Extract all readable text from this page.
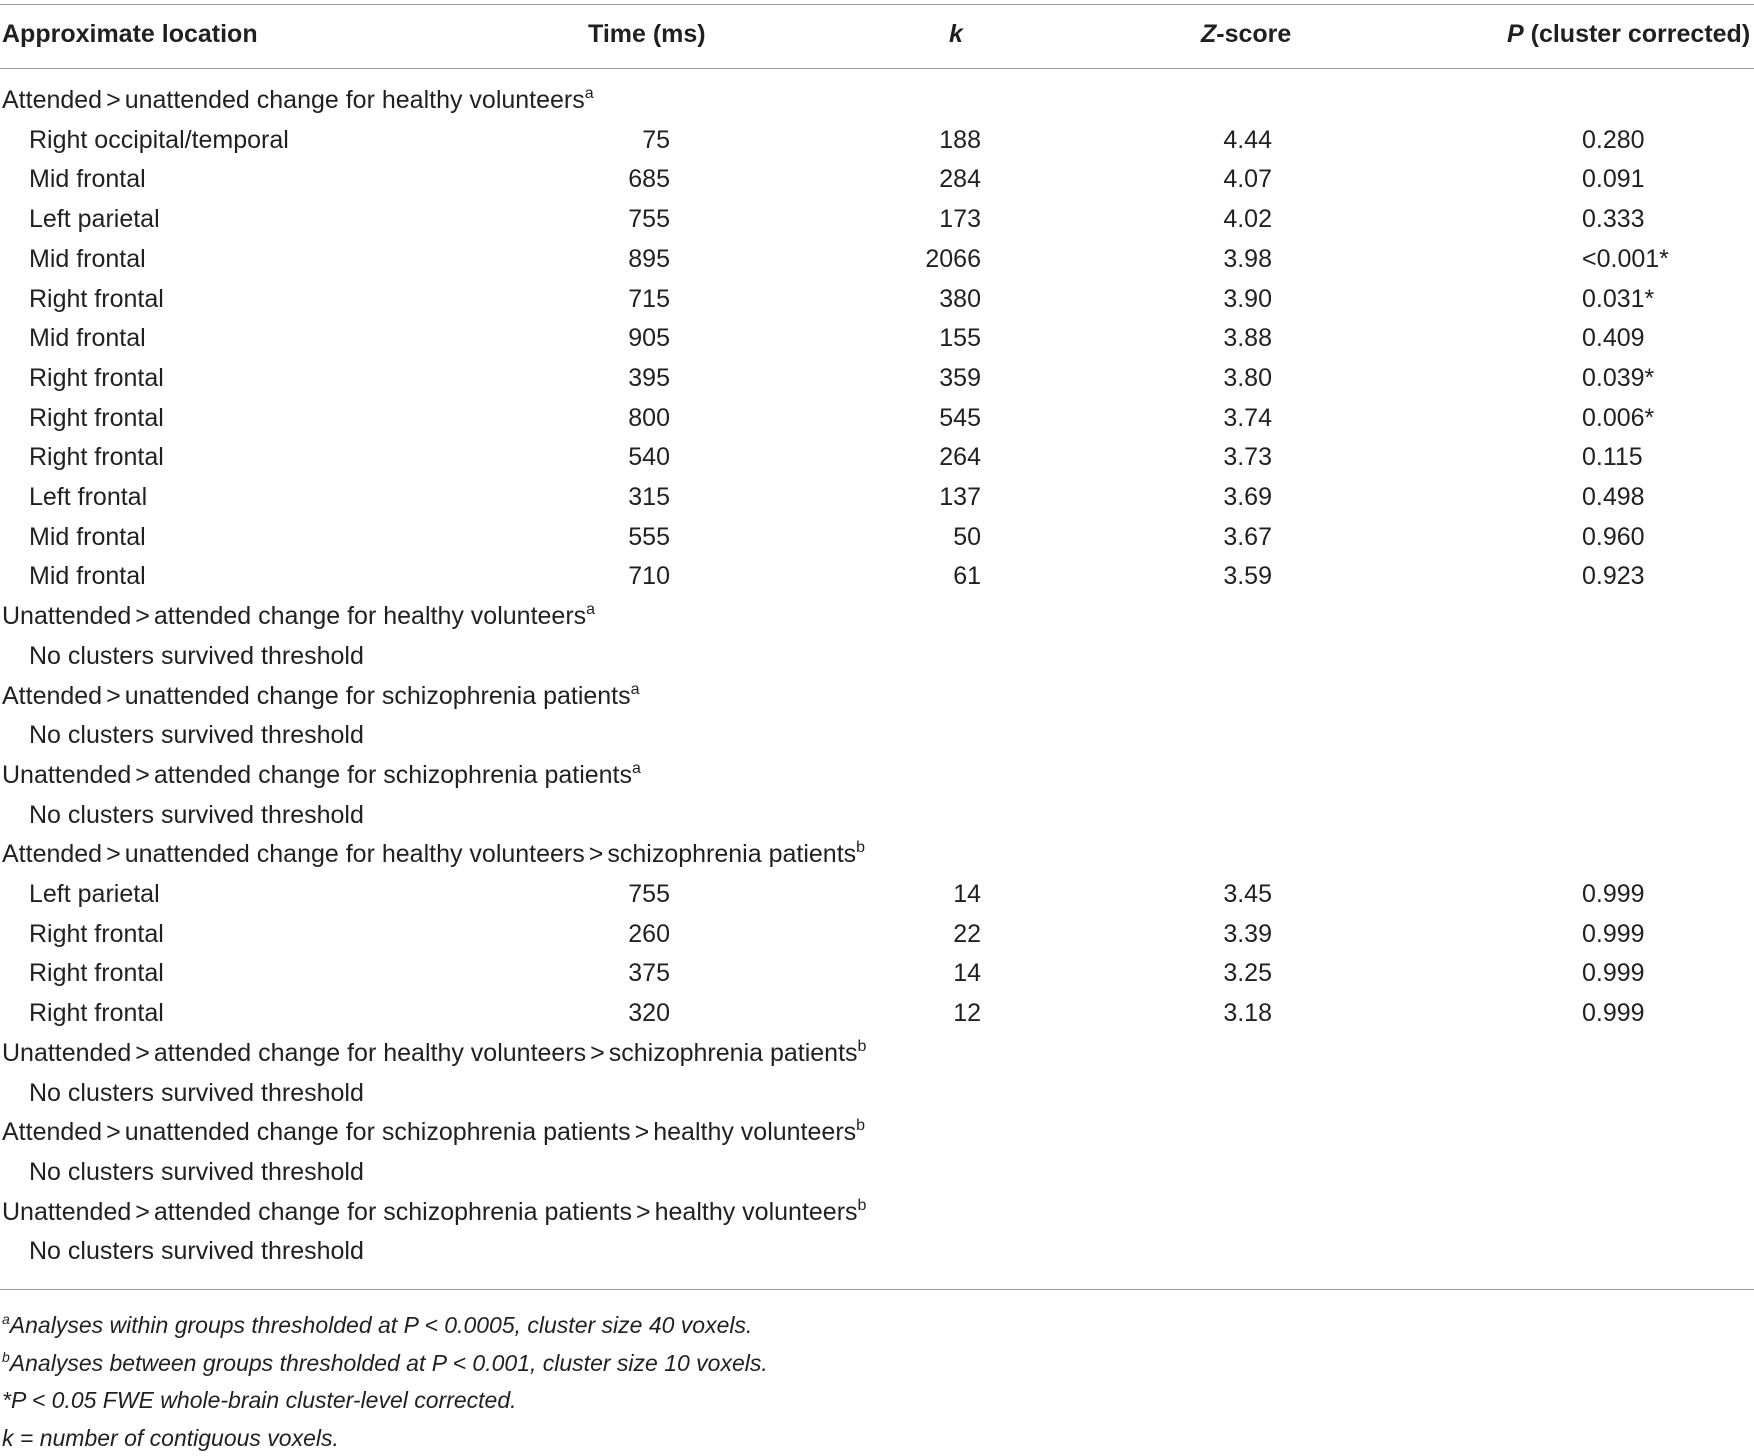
Approximate location	Time (ms)	k	Z-score	P (cluster corrected)
Attended > unattended change for healthy volunteers$^a$
Right occipital/temporal	75	188	4.44	0.280
Mid frontal	685	284	4.07	0.091
Left parietal	755	173	4.02	0.333
Mid frontal	895	2066	3.98	<0.001*
Right frontal	715	380	3.90	0.031*
Mid frontal	905	155	3.88	0.409
Right frontal	395	359	3.80	0.039*
Right frontal	800	545	3.74	0.006*
Right frontal	540	264	3.73	0.115
Left frontal	315	137	3.69	0.498
Mid frontal	555	50	3.67	0.960
Mid frontal	710	61	3.59	0.923
Unattended > attended change for healthy volunteers$^a$
No clusters survived threshold
Attended > unattended change for schizophrenia patients$^a$
No clusters survived threshold
Unattended > attended change for schizophrenia patients$^a$
No clusters survived threshold
Attended > unattended change for healthy volunteers > schizophrenia patients$^b$
Left parietal	755	14	3.45	0.999
Right frontal	260	22	3.39	0.999
Right frontal	375	14	3.25	0.999
Right frontal	320	12	3.18	0.999
Unattended > attended change for healthy volunteers > schizophrenia patients$^b$
No clusters survived threshold
Attended > unattended change for schizophrenia patients > healthy volunteers$^b$
No clusters survived threshold
Unattended > attended change for schizophrenia patients > healthy volunteers$^b$
No clusters survived threshold
$^a$Analyses within groups thresholded at P < 0.0005, cluster size 40 voxels.
$^b$Analyses between groups thresholded at P < 0.001, cluster size 10 voxels.
*P < 0.05 FWE whole-brain cluster-level corrected.
k = number of contiguous voxels.
